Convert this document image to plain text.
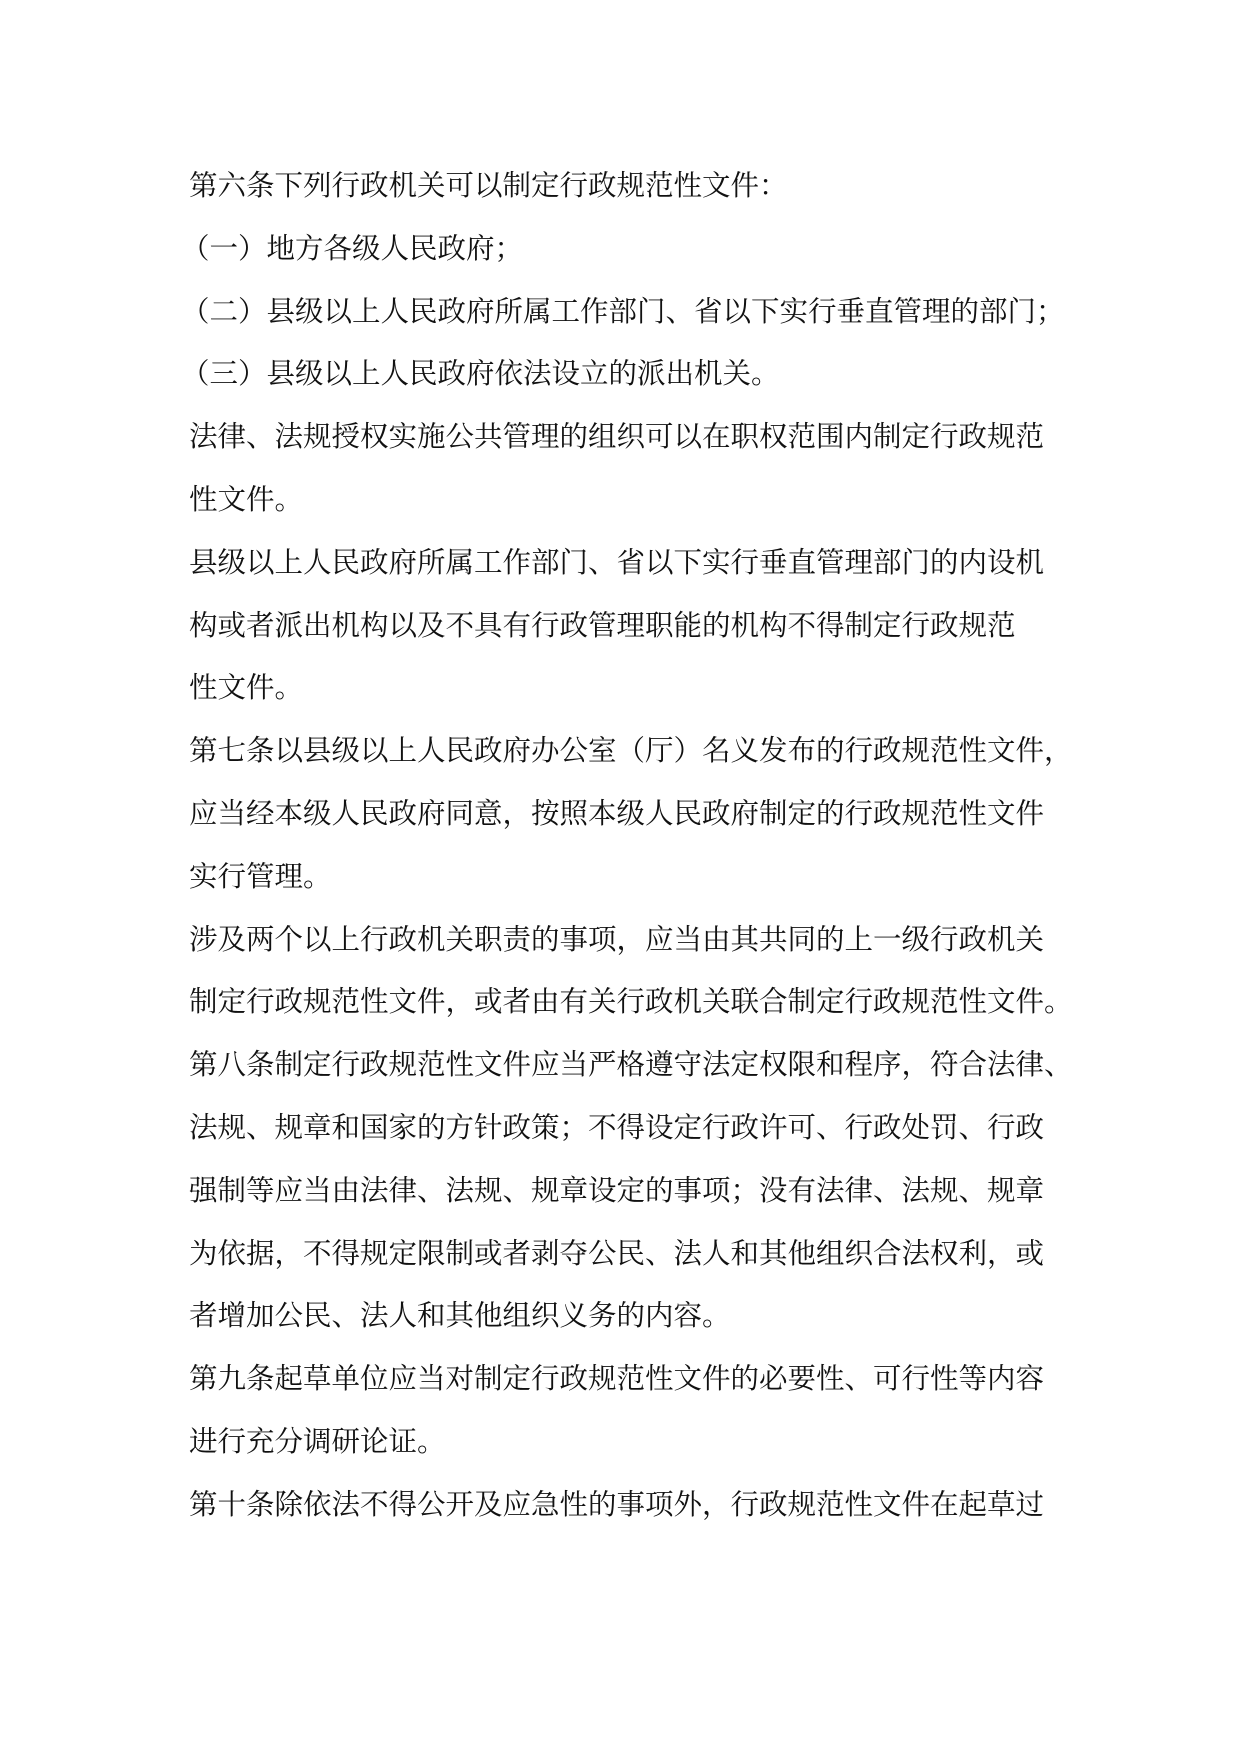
第六条下列行政机关可以制定行政规范性文件：
（一）地方各级人民政府；
（二）县级以上人民政府所属工作部门、省以下实行垂直管理的部门；
（三）县级以上人民政府依法设立的派出机关。
法律、法规授权实施公共管理的组织可以在职权范围内制定行政规范
性文件。
县级以上人民政府所属工作部门、省以下实行垂直管理部门的内设机
构或者派出机构以及不具有行政管理职能的机构不得制定行政规范
性文件。
第七条以县级以上人民政府办公室（厅）名义发布的行政规范性文件，
应当经本级人民政府同意，按照本级人民政府制定的行政规范性文件
实行管理。
涉及两个以上行政机关职责的事项，应当由其共同的上一级行政机关
制定行政规范性文件，或者由有关行政机关联合制定行政规范性文件。
第八条制定行政规范性文件应当严格遵守法定权限和程序，符合法律、
法规、规章和国家的方针政策；不得设定行政许可、行政处罚、行政
强制等应当由法律、法规、规章设定的事项；没有法律、法规、规章
为依据，不得规定限制或者剥夺公民、法人和其他组织合法权利，或
者增加公民、法人和其他组织义务的内容。
第九条起草单位应当对制定行政规范性文件的必要性、可行性等内容
进行充分调研论证。
第十条除依法不得公开及应急性的事项外，行政规范性文件在起草过
